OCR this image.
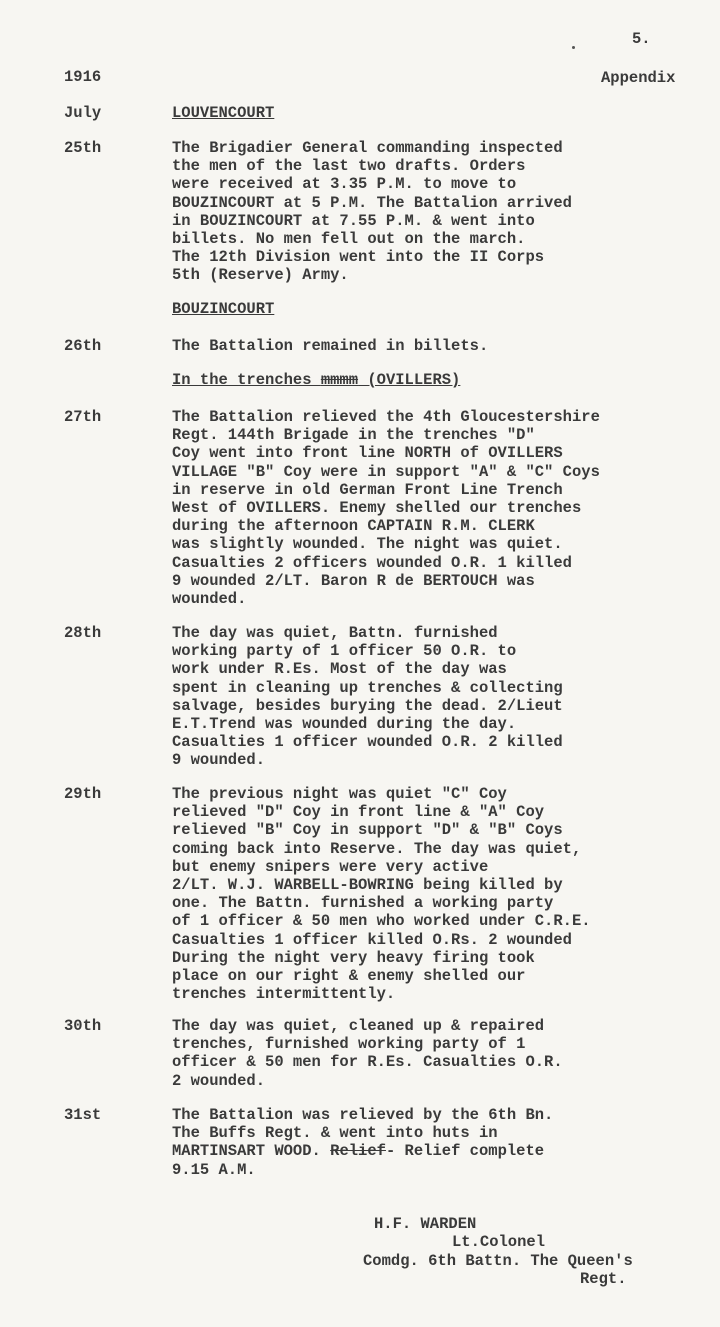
5.
1916	Appendix
July	LOUVENCOURT
25th	The Brigadier General commanding inspected
the men of the last two drafts. Orders
were received at 3.35 P.M. to move to
BOUZINCOURT at 5 P.M. The Battalion arrived
in BOUZINCOURT at 7.55 P.M. & went into
billets. No men fell out on the march.
The 12th Division went into the II Corps
5th (Reserve) Army.
BOUZINCOURT
26th	The Battalion remained in billets.
In the trenches mmmm (OVILLERS)
27th	The Battalion relieved the 4th Gloucestershire
Regt. 144th Brigade in the trenches "D"
Coy went into front line NORTH of OVILLERS
VILLAGE "B" Coy were in support "A" & "C" Coys
in reserve in old German Front Line Trench
West of OVILLERS. Enemy shelled our trenches
during the afternoon CAPTAIN R.M. CLERK
was slightly wounded. The night was quiet.
Casualties 2 officers wounded O.R. 1 killed
9 wounded 2/LT. Baron R de BERTOUCH was
wounded.
28th	The day was quiet, Battn. furnished
working party of 1 officer 50 O.R. to
work under R.Es. Most of the day was
spent in cleaning up trenches & collecting
salvage, besides burying the dead. 2/Lieut
E.T.Trend was wounded during the day.
Casualties 1 officer wounded O.R. 2 killed
9 wounded.
29th	The previous night was quiet "C" Coy
relieved "D" Coy in front line & "A" Coy
relieved "B" Coy in support "D" & "B" Coys
coming back into Reserve. The day was quiet,
but enemy snipers were very active
2/LT. W.J. WARBELL-BOWRING being killed by
one. The Battn. furnished a working party
of 1 officer & 50 men who worked under C.R.E.
Casualties 1 officer killed O.Rs. 2 wounded
During the night very heavy firing took
place on our right & enemy shelled our
trenches intermittently.
30th	The day was quiet, cleaned up & repaired
trenches, furnished working party of 1
officer & 50 men for R.Es. Casualties O.R.
2 wounded.
31st	The Battalion was relieved by the 6th Bn.
The Buffs Regt. & went into huts in
MARTINSART WOOD. Relief- Relief complete
9.15 A.M.
H.F. WARDEN
Lt.Colonel
Comdg. 6th Battn. The Queen's
Regt.
